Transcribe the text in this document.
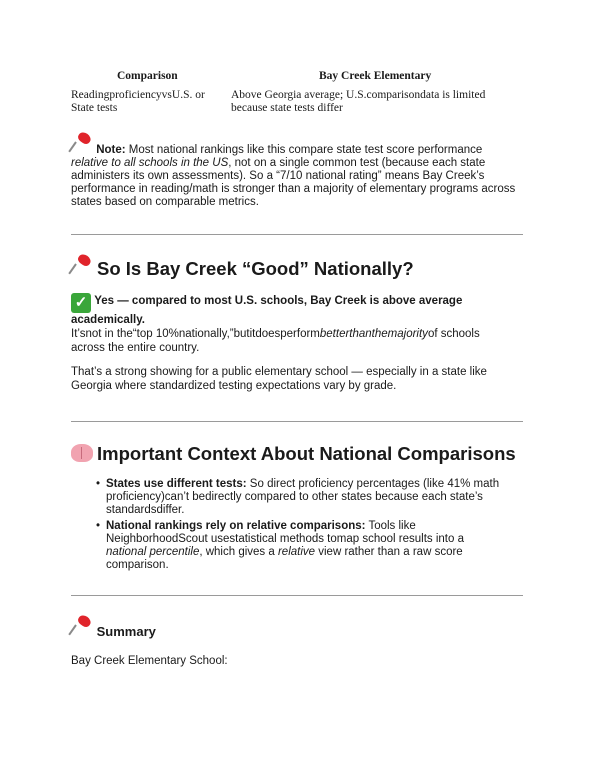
Comparison	Bay Creek Elementary
ReadingproficiencyvsU.S. or
State tests
Above Georgia average; U.S.comparisondata is limited
because state tests differ
Note: Most national rankings like this compare state test score performance relative to all schools in the US, not on a single common test (because each state administers its own assessments). So a “7/10 national rating” means Bay Creek’s performance in reading/math is stronger than a majority of elementary programs across states based on comparable metrics.
So Is Bay Creek “Good” Nationally?
✓ Yes — compared to most U.S. schools, Bay Creek is above average academically.
It’snot in the“top 10%nationally,”butitdoesperformbetterthanthemajorityof schools across the entire country.
That’s a strong showing for a public elementary school — especially in a state like Georgia where standardized testing expectations vary by grade.
Important Context About National Comparisons
• States use different tests: So direct proficiency percentages (like 41% math proficiency)can’t bedirectly compared to other states because each state’s standardsdiffer.
• National rankings rely on relative comparisons: Tools like NeighborhoodScout usestatistical methods tomap school results into a national percentile, which gives a relative view rather than a raw score comparison.
Summary
Bay Creek Elementary School:
